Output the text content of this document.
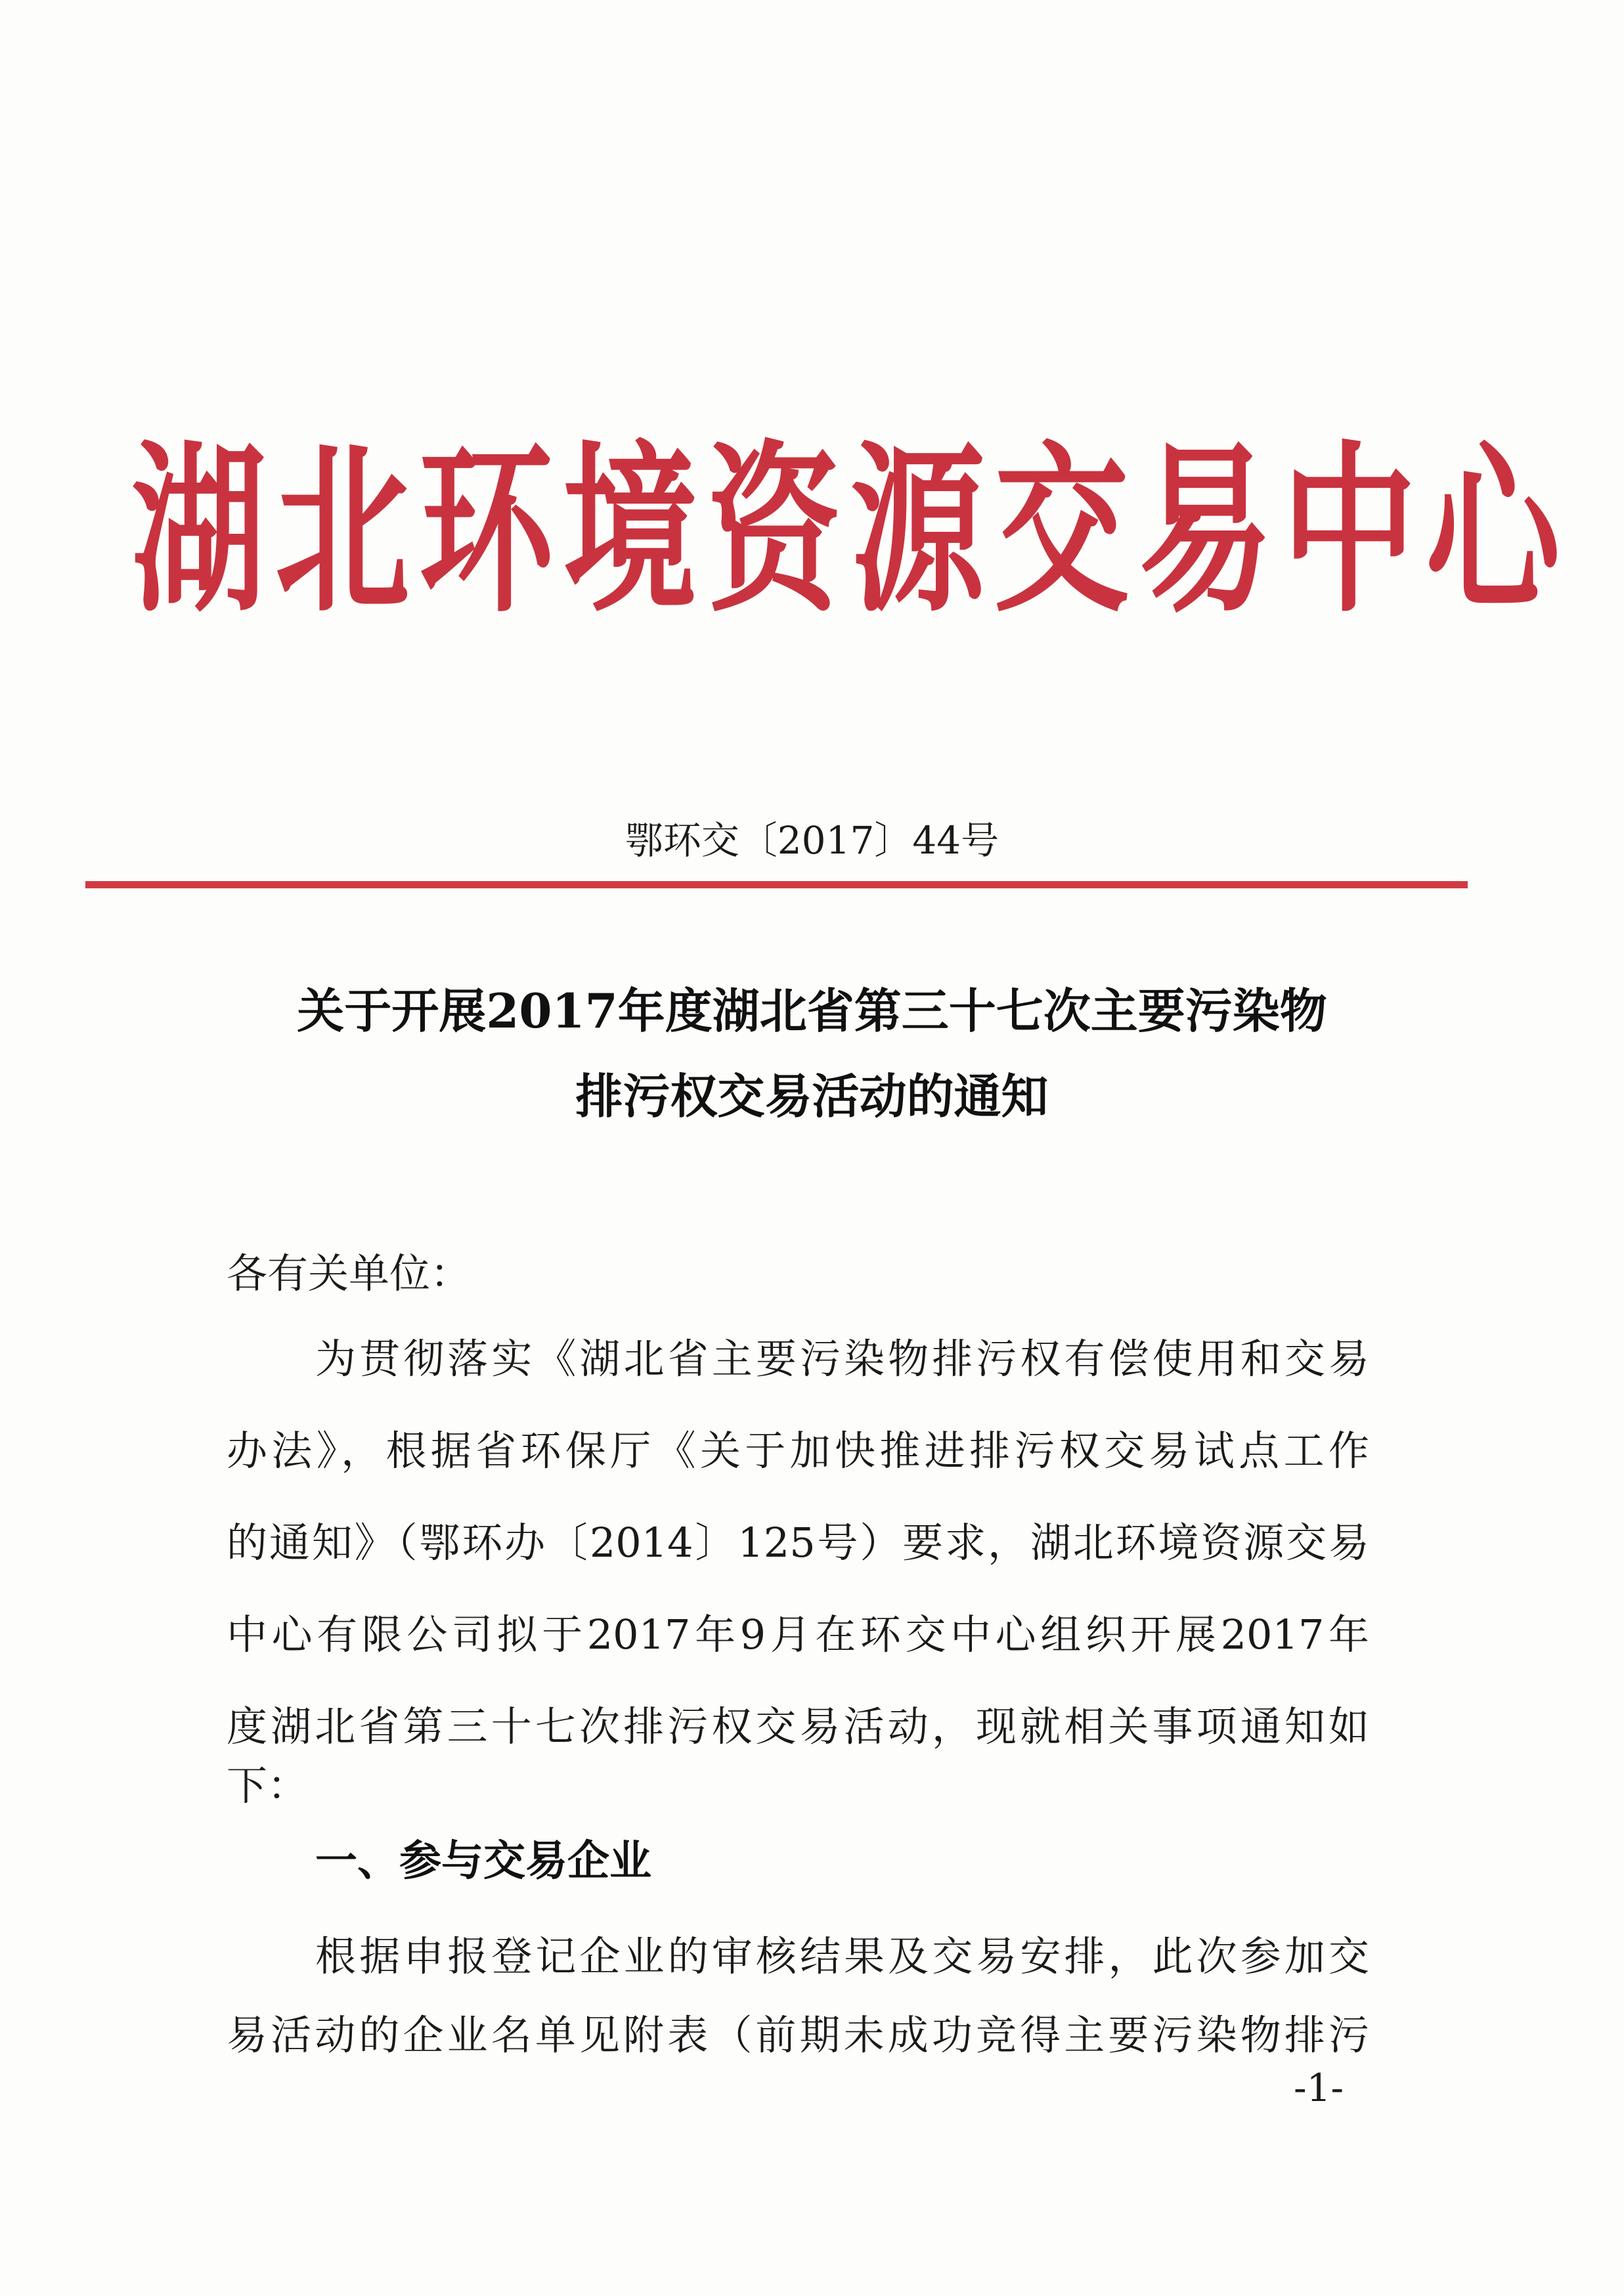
湖北环境资源交易中心
鄂环交〔2017〕44号
关于开展2017年度湖北省第三十七次主要污染物
排污权交易活动的通知
各有关单位：
为贯彻落实《湖北省主要污染物排污权有偿使用和交易
办法》，根据省环保厅《关于加快推进排污权交易试点工作
的通知》（鄂环办〔2014〕125号）要求，湖北环境资源交易
中心有限公司拟于2017年9月在环交中心组织开展2017年
度湖北省第三十七次排污权交易活动，现就相关事项通知如
下：
一、参与交易企业
根据申报登记企业的审核结果及交易安排，此次参加交
易活动的企业名单见附表（前期未成功竞得主要污染物排污
-1-
